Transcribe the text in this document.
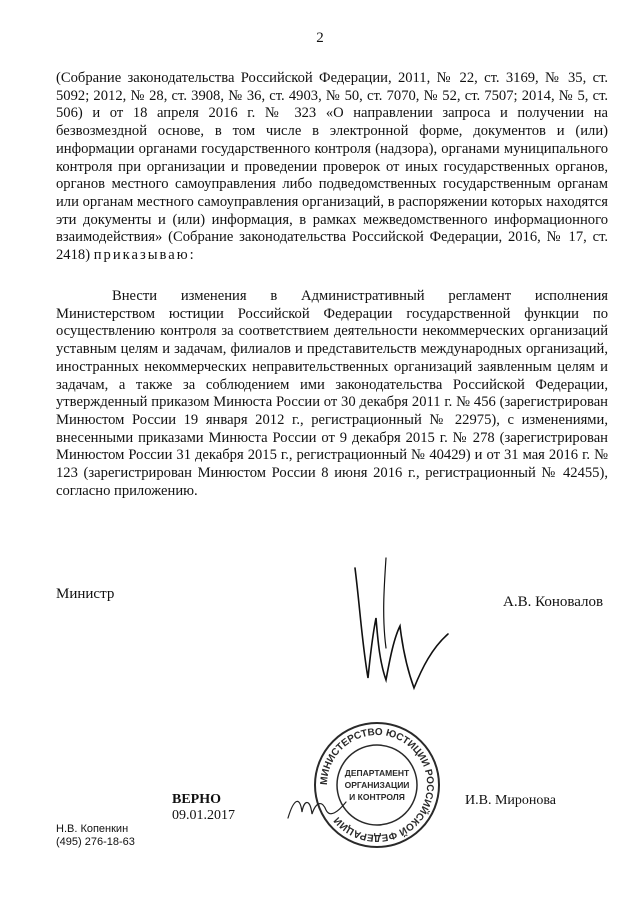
2

(Собрание законодательства Российской Федерации, 2011, № 22, ст. 3169, № 35, ст. 5092; 2012, № 28, ст. 3908, № 36, ст. 4903, № 50, ст. 7070, № 52, ст. 7507; 2014, № 5, ст. 506) и от 18 апреля 2016 г. № 323 «О направлении запроса и получении на безвозмездной основе, в том числе в электронной форме, документов и (или) информации органами государственного контроля (надзора), органами муниципального контроля при организации и проведении проверок от иных государственных органов, органов местного самоуправления либо подведомственных государственным органам или органам местного самоуправления организаций, в распоряжении которых находятся эти документы и (или) информация, в рамках межведомственного информационного взаимодействия» (Собрание законодательства Российской Федерации, 2016, № 17, ст. 2418) приказываю:

Внести изменения в Административный регламент исполнения Министерством юстиции Российской Федерации государственной функции по осуществлению контроля за соответствием деятельности некоммерческих организаций уставным целям и задачам, филиалов и представительств международных организаций, иностранных некоммерческих неправительственных организаций заявленным целям и задачам, а также за соблюдением ими законодательства Российской Федерации, утвержденный приказом Минюста России от 30 декабря 2011 г. № 456 (зарегистрирован Минюстом России 19 января 2012 г., регистрационный № 22975), с изменениями, внесенными приказами Минюста России от 9 декабря 2015 г. № 278 (зарегистрирован Минюстом России 31 декабря 2015 г., регистрационный № 40429) и от 31 мая 2016 г. № 123 (зарегистрирован Минюстом России 8 июня 2016 г., регистрационный № 42455), согласно приложению.

Министр	А.В. Коновалов
МИНИСТЕРСТВО ЮСТИЦИИ РОССИЙСКОЙ ФЕДЕРАЦИИ
ДЕПАРТАМЕНТ
ОРГАНИЗАЦИИ
И КОНТРОЛЯ
ВЕРНО
09.01.2017
И.В. Миронова
Н.В. Копенкин
(495) 276-18-63
